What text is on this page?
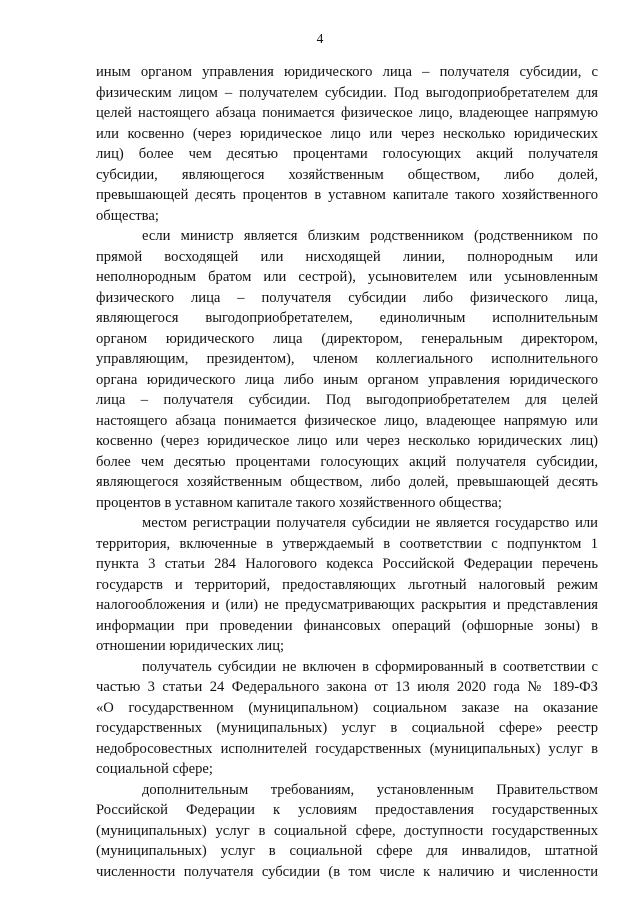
4
иным органом управления юридического лица – получателя субсидии, с
физическим лицом – получателем субсидии. Под выгодоприобретателем для
целей настоящего абзаца понимается физическое лицо, владеющее напрямую
или косвенно (через юридическое лицо или через несколько юридических
лиц) более чем десятью процентами голосующих акций получателя
субсидии, являющегося хозяйственным обществом, либо долей,
превышающей десять процентов в уставном капитале такого хозяйственного
общества;
если министр является близким родственником (родственником по
прямой восходящей или нисходящей линии, полнородным или
неполнородным братом или сестрой), усыновителем или усыновленным
физического лица – получателя субсидии либо физического лица,
являющегося выгодоприобретателем, единоличным исполнительным
органом юридического лица (директором, генеральным директором,
управляющим, президентом), членом коллегиального исполнительного
органа юридического лица либо иным органом управления юридического
лица – получателя субсидии. Под выгодоприобретателем для целей
настоящего абзаца понимается физическое лицо, владеющее напрямую или
косвенно (через юридическое лицо или через несколько юридических лиц)
более чем десятью процентами голосующих акций получателя субсидии,
являющегося хозяйственным обществом, либо долей, превышающей десять
процентов в уставном капитале такого хозяйственного общества;
местом регистрации получателя субсидии не является государство или
территория, включенные в утверждаемый в соответствии с подпунктом 1
пункта 3 статьи 284 Налогового кодекса Российской Федерации перечень
государств и территорий, предоставляющих льготный налоговый режим
налогообложения и (или) не предусматривающих раскрытия и представления
информации при проведении финансовых операций (офшорные зоны) в
отношении юридических лиц;
получатель субсидии не включен в сформированный в соответствии с
частью 3 статьи 24 Федерального закона от 13 июля 2020 года № 189-ФЗ
«О государственном (муниципальном) социальном заказе на оказание
государственных (муниципальных) услуг в социальной сфере» реестр
недобросовестных исполнителей государственных (муниципальных) услуг в
социальной сфере;
дополнительным требованиям, установленным Правительством
Российской Федерации к условиям предоставления государственных
(муниципальных) услуг в социальной сфере, доступности государственных
(муниципальных) услуг в социальной сфере для инвалидов, штатной
численности получателя субсидии (в том числе к наличию и численности
